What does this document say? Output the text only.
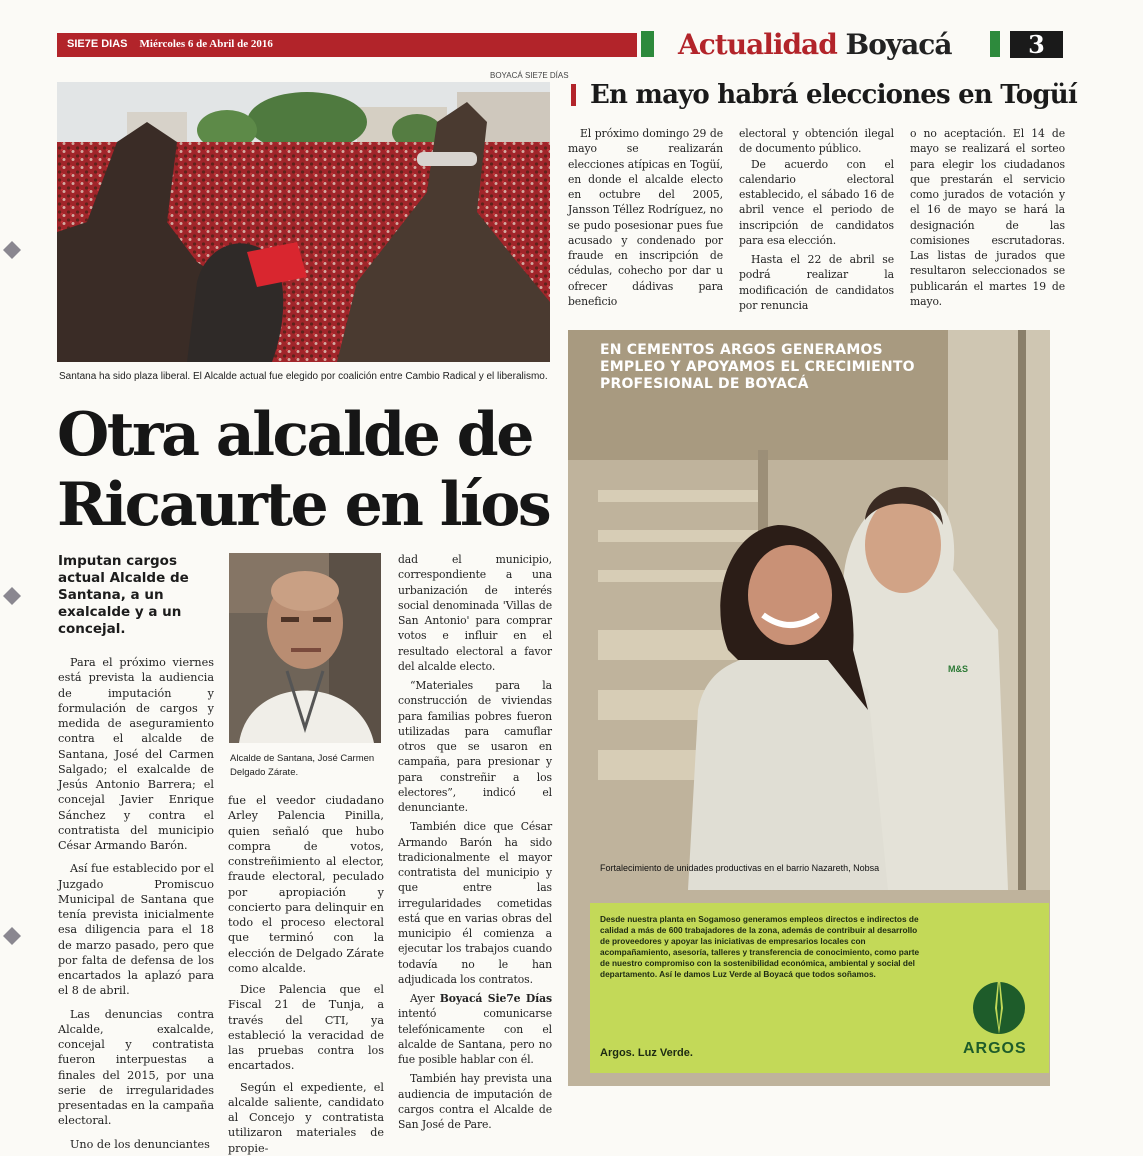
SIE7E DIAS Miércoles 6 de Abril de 2016	Actualidad Boyacá	3
BOYACÁ SIE7E DÍAS
Santana ha sido plaza liberal. El Alcalde actual fue elegido por coalición entre Cambio Radical y el liberalismo.
Otra alcalde de
Ricaurte en líos
Imputan cargos actual Alcalde de Santana, a un exalcalde y a un concejal.
Alcalde de Santana, José Carmen
Delgado Zárate.

Para el próximo viernes está prevista la audiencia de imputación y formulación de cargos y medida de aseguramiento contra el alcalde de Santana, José del Carmen Salgado; el exalcalde de Jesús Antonio Barrera; el concejal Javier Enrique Sánchez y contra el contratista del municipio César Armando Barón.

Así fue establecido por el Juzgado Promiscuo Municipal de Santana que tenía prevista inicialmente esa diligencia para el 18 de marzo pasado, pero que por falta de defensa de los encartados la aplazó para el 8 de abril.

Las denuncias contra Alcalde, exalcalde, concejal y contratista fueron interpuestas a finales del 2015, por una serie de irregularidades presentadas en la campaña electoral.

Uno de los denunciantes

fue el veedor ciudadano Arley Palencia Pinilla, quien señaló que hubo compra de votos, constreñimiento al elector, fraude electoral, peculado por apropiación y concierto para delinquir en todo el proceso electoral que terminó con la elección de Delgado Zárate como alcalde.

Dice Palencia que el Fiscal 21 de Tunja, a través del CTI, ya estableció la veracidad de las pruebas contra los encartados.

Según el expediente, el alcalde saliente, candidato al Concejo y contratista utilizaron materiales de propie-

dad el municipio, correspondiente a una urbanización de interés social denominada 'Villas de San Antonio' para comprar votos e influir en el resultado electoral a favor del alcalde electo.

“Materiales para la construcción de viviendas para familias pobres fueron utilizadas para camuflar otros que se usaron en campaña, para presionar y para constreñir a los electores”, indicó el denunciante.

También dice que César Armando Barón ha sido tradicionalmente el mayor contratista del municipio y que entre las irregularidades cometidas está que en varias obras del municipio él comienza a ejecutar los trabajos cuando todavía no le han adjudicada los contratos.

Ayer Boyacá Sie7e Días intentó comunicarse telefónicamente con el alcalde de Santana, pero no fue posible hablar con él.

También hay prevista una audiencia de imputación de cargos contra el Alcalde de San José de Pare.

En mayo habrá elecciones en Togüí

El próximo domingo 29 de mayo se realizarán elecciones atípicas en Togüí, en donde el alcalde electo en octubre del 2005, Jansson Téllez Rodríguez, no se pudo posesionar pues fue acusado y condenado por fraude en inscripción de cédulas, cohecho por dar u ofrecer dádivas para beneficio

electoral y obtención ilegal de documento público.

De acuerdo con el calendario electoral establecido, el sábado 16 de abril vence el periodo de inscripción de candidatos para esa elección.

Hasta el 22 de abril se podrá realizar la modificación de candidatos por renuncia

o no aceptación. El 14 de mayo se realizará el sorteo para elegir los ciudadanos que prestarán el servicio como jurados de votación y el 16 de mayo se hará la designación de las comisiones escrutadoras. Las listas de jurados que resultaron seleccionados se publicarán el martes 19 de mayo.

M&S
EN CEMENTOS ARGOS GENERAMOS
EMPLEO Y APOYAMOS EL CRECIMIENTO
PROFESIONAL DE BOYACÁ
Fortalecimiento de unidades productivas en el barrio Nazareth, Nobsa
Desde nuestra planta en Sogamoso generamos empleos directos e indirectos de calidad a más de 600 trabajadores de la zona, además de contribuir al desarrollo de proveedores y apoyar las iniciativas de empresarios locales con acompañamiento, asesoría, talleres y transferencia de conocimiento, como parte de nuestro compromiso con la sostenibilidad económica, ambiental y social del departamento. Así le damos Luz Verde al Boyacá que todos soñamos.
Argos. Luz Verde.	ARGOS
